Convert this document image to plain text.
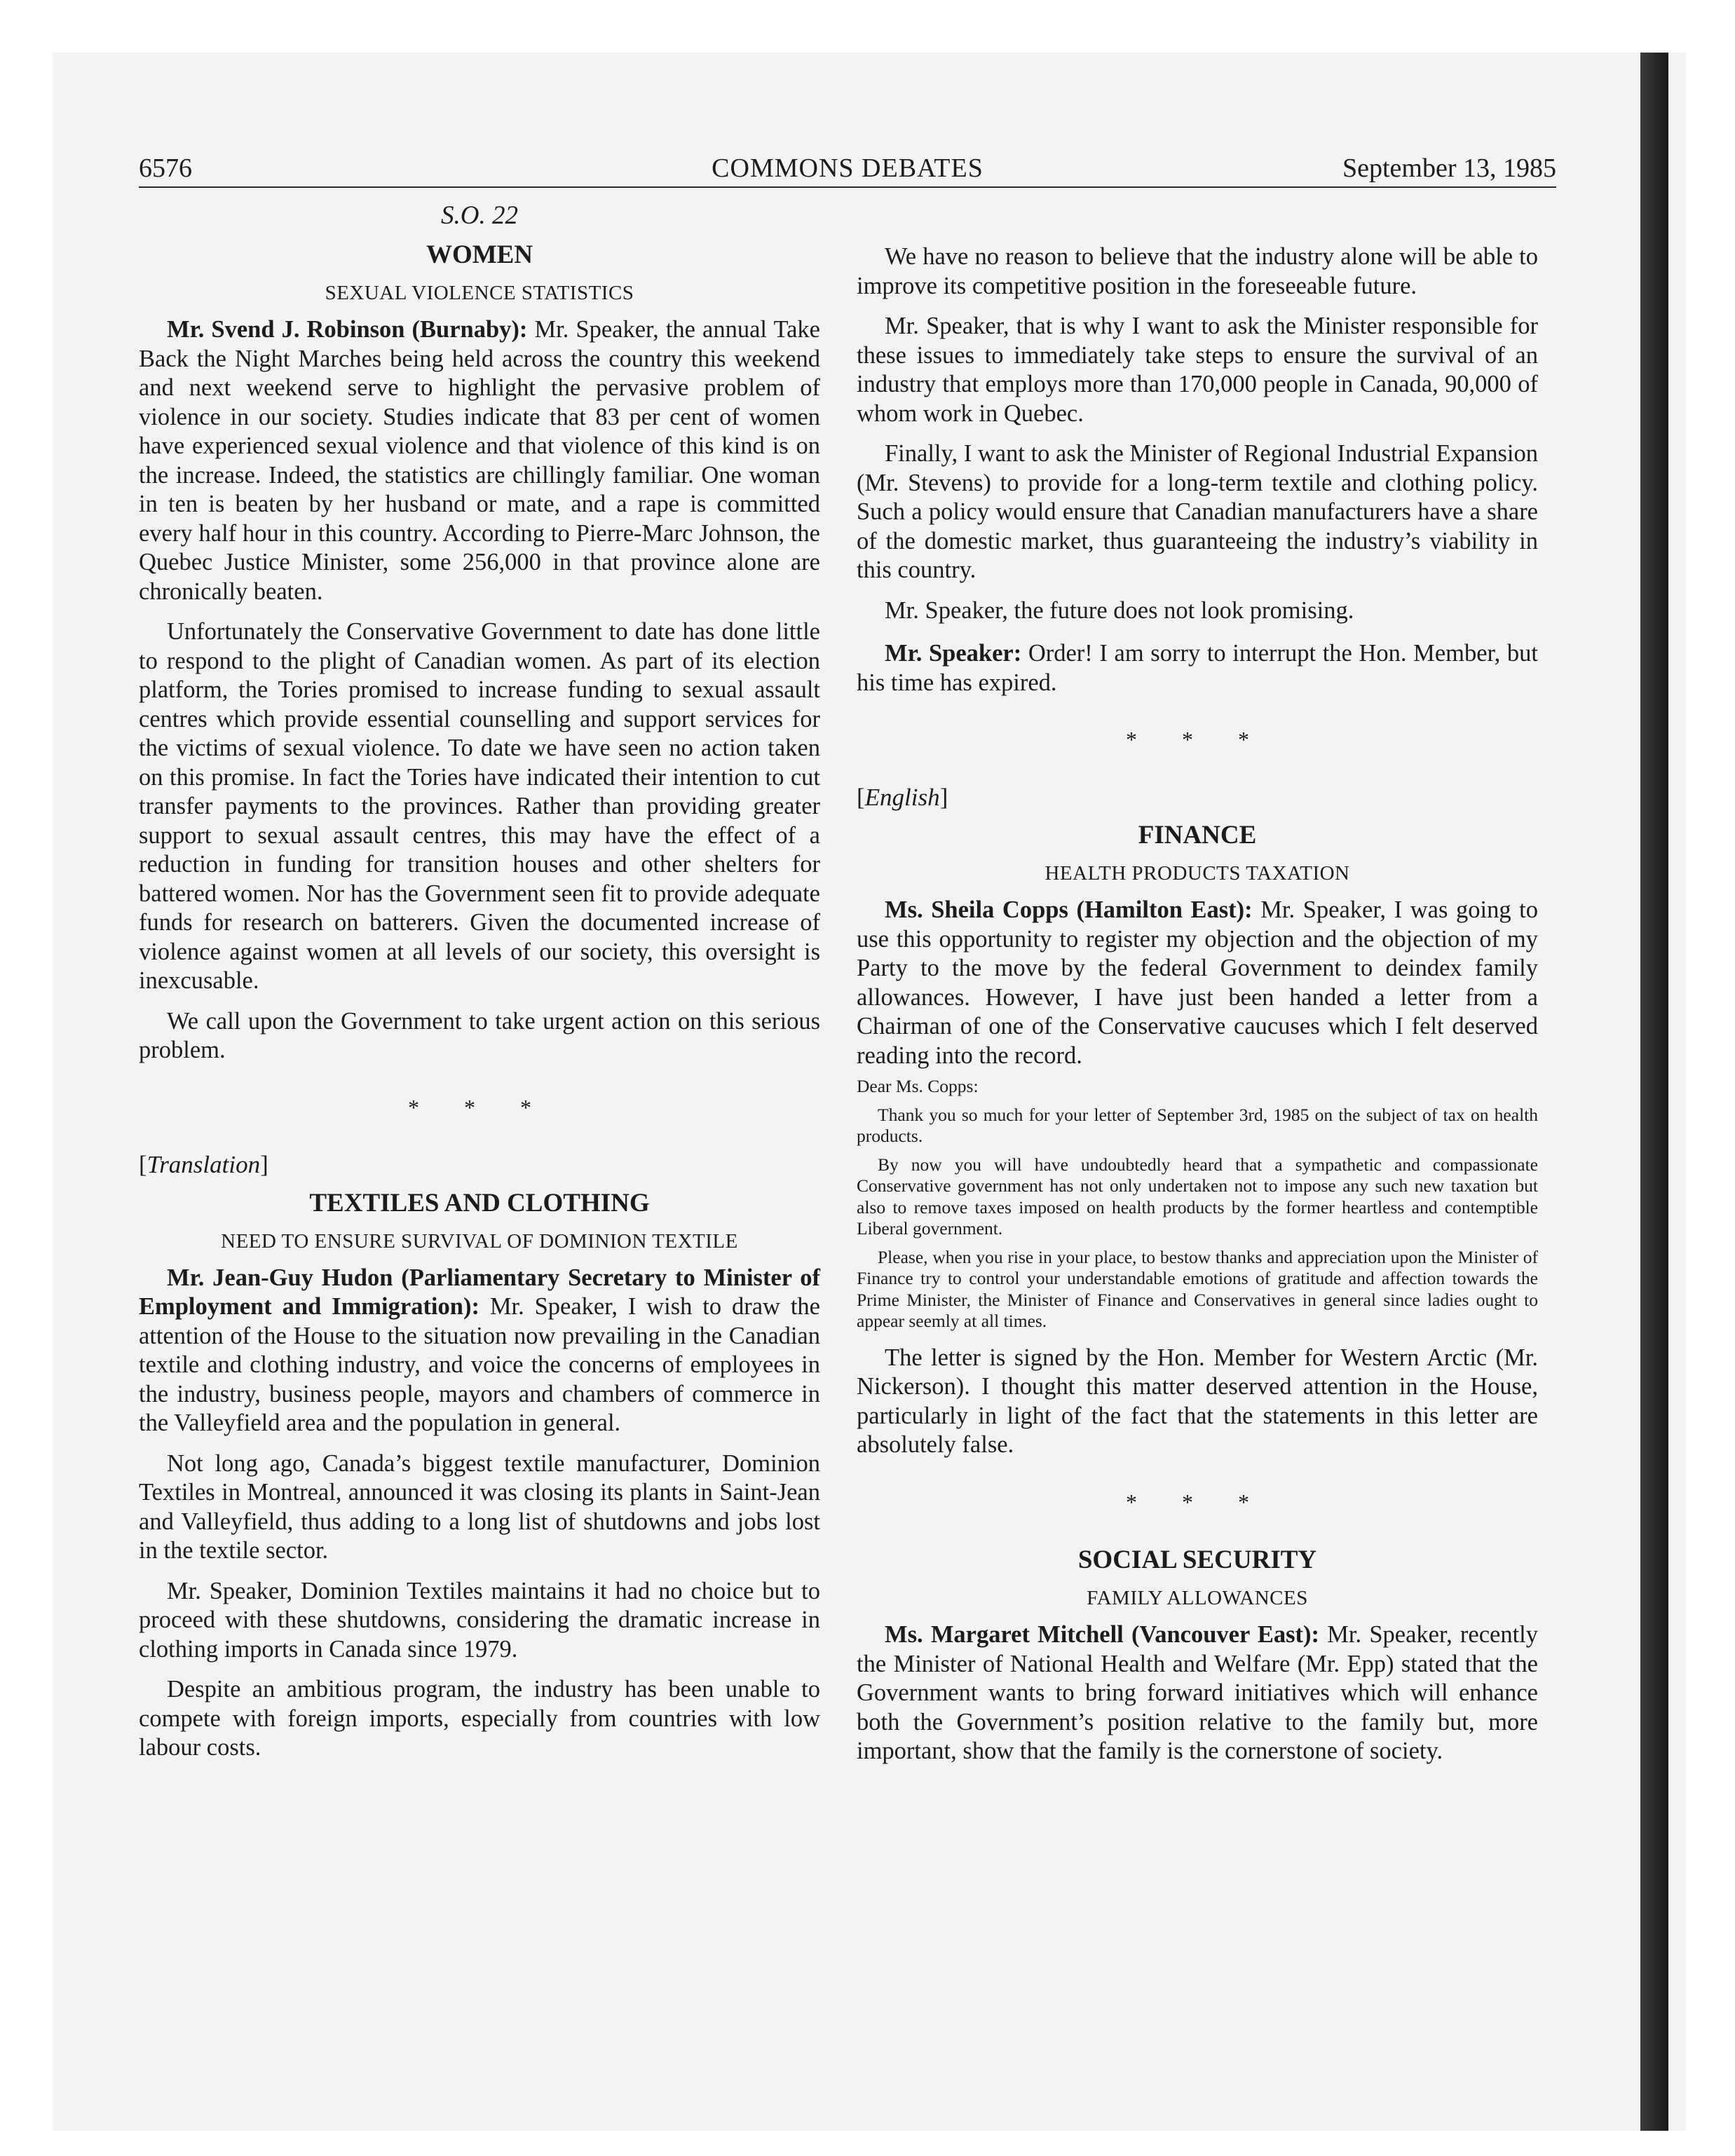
6576	COMMONS DEBATES	September 13, 1985

S.O. 22

WOMEN

SEXUAL VIOLENCE STATISTICS

Mr. Svend J. Robinson (Burnaby): Mr. Speaker, the annual Take Back the Night Marches being held across the country this weekend and next weekend serve to highlight the pervasive problem of violence in our society. Studies indicate that 83 per cent of women have experienced sexual violence and that violence of this kind is on the increase. Indeed, the statistics are chillingly familiar. One woman in ten is beaten by her husband or mate, and a rape is committed every half hour in this country. According to Pierre-Marc Johnson, the Quebec Justice Minister, some 256,000 in that province alone are chronically beaten.

Unfortunately the Conservative Government to date has done little to respond to the plight of Canadian women. As part of its election platform, the Tories promised to increase funding to sexual assault centres which provide essential counselling and support services for the victims of sexual violence. To date we have seen no action taken on this promise. In fact the Tories have indicated their intention to cut transfer payments to the provinces. Rather than providing greater support to sexual assault centres, this may have the effect of a reduction in funding for transition houses and other shelters for battered women. Nor has the Government seen fit to provide adequate funds for research on batterers. Given the documented increase of violence against women at all levels of our society, this oversight is inexcusable.

We call upon the Government to take urgent action on this serious problem.

* * *

[Translation]

TEXTILES AND CLOTHING

NEED TO ENSURE SURVIVAL OF DOMINION TEXTILE

Mr. Jean-Guy Hudon (Parliamentary Secretary to Minister of Employment and Immigration): Mr. Speaker, I wish to draw the attention of the House to the situation now prevailing in the Canadian textile and clothing industry, and voice the concerns of employees in the industry, business people, mayors and chambers of commerce in the Valleyfield area and the population in general.

Not long ago, Canada’s biggest textile manufacturer, Dominion Textiles in Montreal, announced it was closing its plants in Saint-Jean and Valleyfield, thus adding to a long list of shutdowns and jobs lost in the textile sector.

Mr. Speaker, Dominion Textiles maintains it had no choice but to proceed with these shutdowns, considering the dramatic increase in clothing imports in Canada since 1979.

Despite an ambitious program, the industry has been unable to compete with foreign imports, especially from countries with low labour costs.

We have no reason to believe that the industry alone will be able to improve its competitive position in the foreseeable future.

Mr. Speaker, that is why I want to ask the Minister responsible for these issues to immediately take steps to ensure the survival of an industry that employs more than 170,000 people in Canada, 90,000 of whom work in Quebec.

Finally, I want to ask the Minister of Regional Industrial Expansion (Mr. Stevens) to provide for a long-term textile and clothing policy. Such a policy would ensure that Canadian manufacturers have a share of the domestic market, thus guaranteeing the industry’s viability in this country.

Mr. Speaker, the future does not look promising.

Mr. Speaker: Order! I am sorry to interrupt the Hon. Member, but his time has expired.

* * *

[English]

FINANCE

HEALTH PRODUCTS TAXATION

Ms. Sheila Copps (Hamilton East): Mr. Speaker, I was going to use this opportunity to register my objection and the objection of my Party to the move by the federal Government to deindex family allowances. However, I have just been handed a letter from a Chairman of one of the Conservative caucuses which I felt deserved reading into the record.

Dear Ms. Copps:

Thank you so much for your letter of September 3rd, 1985 on the subject of tax on health products.

By now you will have undoubtedly heard that a sympathetic and compassionate Conservative government has not only undertaken not to impose any such new taxation but also to remove taxes imposed on health products by the former heartless and contemptible Liberal government.

Please, when you rise in your place, to bestow thanks and appreciation upon the Minister of Finance try to control your understandable emotions of gratitude and affection towards the Prime Minister, the Minister of Finance and Conservatives in general since ladies ought to appear seemly at all times.

The letter is signed by the Hon. Member for Western Arctic (Mr. Nickerson). I thought this matter deserved attention in the House, particularly in light of the fact that the statements in this letter are absolutely false.

* * *

SOCIAL SECURITY

FAMILY ALLOWANCES

Ms. Margaret Mitchell (Vancouver East): Mr. Speaker, recently the Minister of National Health and Welfare (Mr. Epp) stated that the Government wants to bring forward initiatives which will enhance both the Government’s position relative to the family but, more important, show that the family is the cornerstone of society.
